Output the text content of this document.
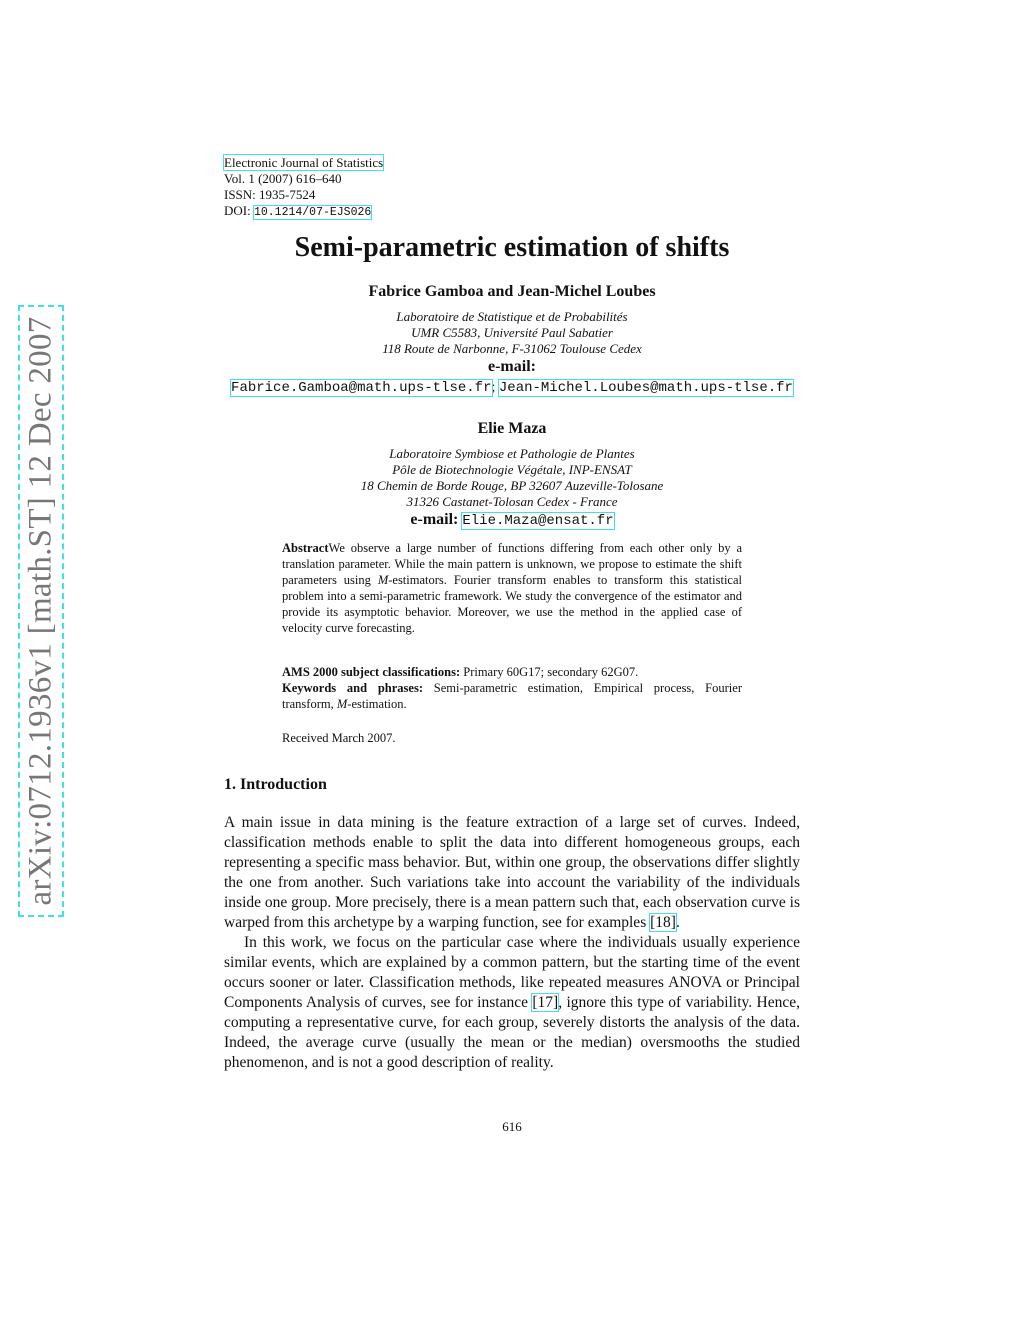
arXiv:0712.1936v1 [math.ST] 12 Dec 2007
Electronic Journal of Statistics
Vol. 1 (2007) 616–640
ISSN: 1935-7524
DOI: 10.1214/07-EJS026
Semi-parametric estimation of shifts
Fabrice Gamboa and Jean-Michel Loubes
Laboratoire de Statistique et de Probabilités
UMR C5583, Université Paul Sabatier
118 Route de Narbonne, F-31062 Toulouse Cedex
e-mail:
Fabrice.Gamboa@math.ups-tlse.fr; Jean-Michel.Loubes@math.ups-tlse.fr
Elie Maza
Laboratoire Symbiose et Pathologie de Plantes
Pôle de Biotechnologie Végétale, INP-ENSAT
18 Chemin de Borde Rouge, BP 32607 Auzeville-Tolosane
31326 Castanet-Tolosan Cedex - France
e-mail: Elie.Maza@ensat.fr
AbstractWe observe a large number of functions differing from each other only by a translation parameter. While the main pattern is unknown, we propose to estimate the shift parameters using M-estimators. Fourier transform enables to transform this statistical problem into a semi-parametric framework. We study the convergence of the estimator and provide its asymptotic behavior. Moreover, we use the method in the applied case of velocity curve forecasting.
AMS 2000 subject classifications: Primary 60G17; secondary 62G07.
Keywords and phrases: Semi-parametric estimation, Empirical process, Fourier transform, M-estimation.
Received March 2007.
1. Introduction

A main issue in data mining is the feature extraction of a large set of curves. Indeed, classification methods enable to split the data into different homogeneous groups, each representing a specific mass behavior. But, within one group, the observations differ slightly the one from another. Such variations take into account the variability of the individuals inside one group. More precisely, there is a mean pattern such that, each observation curve is warped from this archetype by a warping function, see for examples [18].

In this work, we focus on the particular case where the individuals usually experience similar events, which are explained by a common pattern, but the starting time of the event occurs sooner or later. Classification methods, like repeated measures ANOVA or Principal Components Analysis of curves, see for instance [17], ignore this type of variability. Hence, computing a representative curve, for each group, severely distorts the analysis of the data. Indeed, the average curve (usually the mean or the median) oversmooths the studied phenomenon, and is not a good description of reality.

616
